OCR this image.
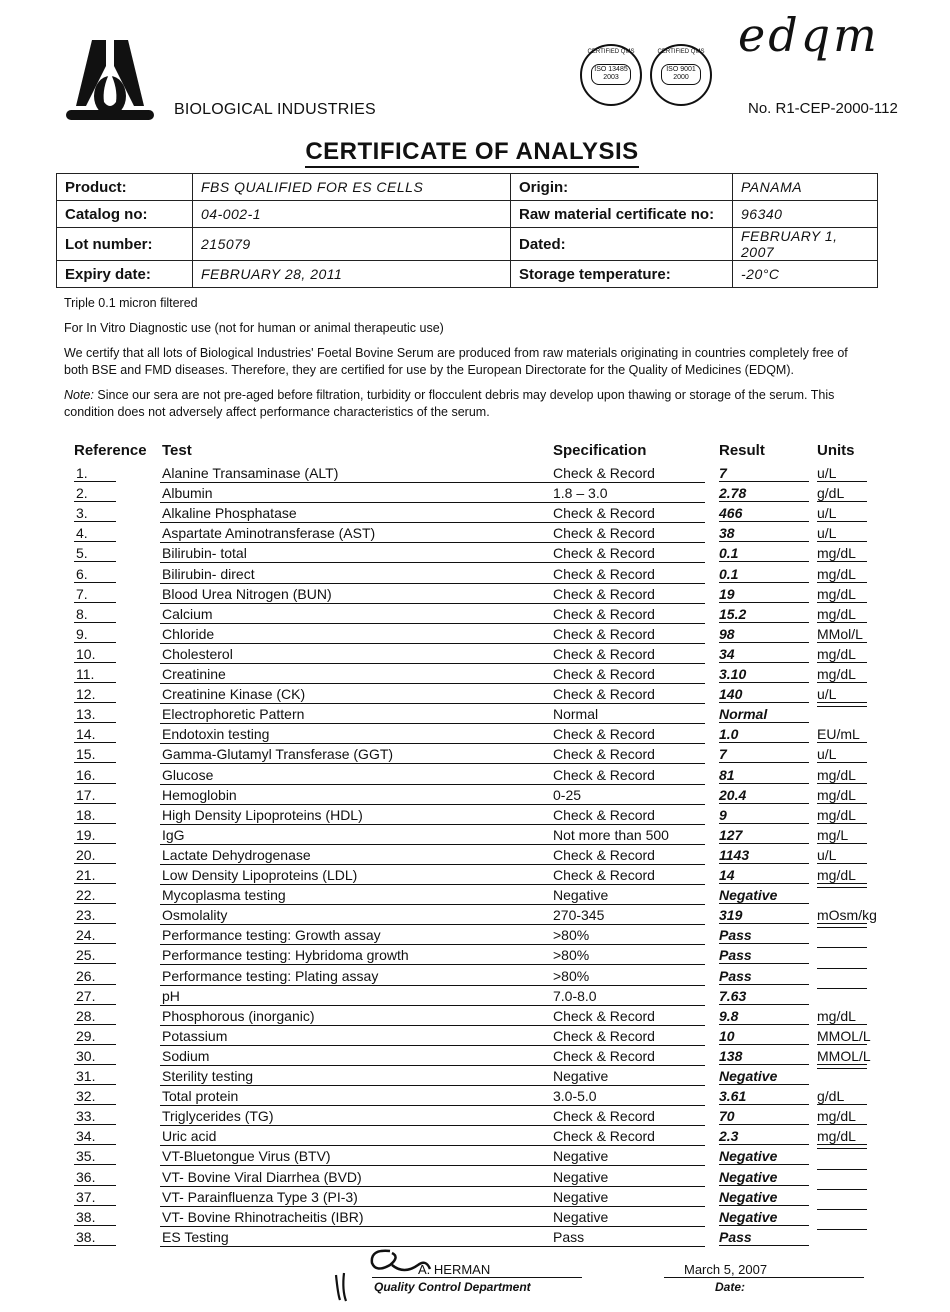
BIOLOGICAL INDUSTRIES
CERTIFIED QMS
ISO 13485
2003
CERTIFIED QMS
ISO 9001
2000
edqm
No. R1-CEP-2000-112
CERTIFICATE OF ANALYSIS
Product:	FBS QUALIFIED FOR ES CELLS	Origin:	PANAMA
Catalog no:	04-002-1	Raw material certificate no:	96340
Lot number:	215079	Dated:	FEBRUARY 1, 2007
Expiry date:	FEBRUARY 28, 2011	Storage temperature:	-20°C
Triple 0.1 micron filtered
For In Vitro Diagnostic use (not for human or animal therapeutic use)
We certify that all lots of Biological Industries' Foetal Bovine Serum are produced from raw materials originating in countries completely free of both BSE and FMD diseases. Therefore, they are certified for use by the European Directorate for the Quality of Medicines (EDQM).
Note: Since our sera are not pre-aged before filtration, turbidity or flocculent debris may develop upon thawing or storage of the serum. This condition does not adversely affect performance characteristics of the serum.
Reference Test	Specification	Result	Units
1.	Alanine Transaminase (ALT)	Check & Record	7	u/L
2.	Albumin	1.8 – 3.0	2.78	g/dL
3.	Alkaline Phosphatase	Check & Record	466	u/L
4.	Aspartate Aminotransferase (AST)	Check & Record	38	u/L
5.	Bilirubin- total	Check & Record	0.1	mg/dL
6.	Bilirubin- direct	Check & Record	0.1	mg/dL
7.	Blood Urea Nitrogen (BUN)	Check & Record	19	mg/dL
8.	Calcium	Check & Record	15.2	mg/dL
9.	Chloride	Check & Record	98	MMol/L
10.	Cholesterol	Check & Record	34	mg/dL
11.	Creatinine	Check & Record	3.10	mg/dL
12.	Creatinine Kinase (CK)	Check & Record	140	u/L
13.	Electrophoretic Pattern	Normal	Normal
14.	Endotoxin testing	Check & Record	1.0	EU/mL
15.	Gamma-Glutamyl Transferase (GGT)	Check & Record	7	u/L
16.	Glucose	Check & Record	81	mg/dL
17.	Hemoglobin	0-25	20.4	mg/dL
18.	High Density Lipoproteins (HDL)	Check & Record	9	mg/dL
19.	IgG	Not more than 500	127	mg/L
20.	Lactate Dehydrogenase	Check & Record	1143	u/L
21.	Low Density Lipoproteins (LDL)	Check & Record	14	mg/dL
22.	Mycoplasma testing	Negative	Negative
23.	Osmolality	270-345	319	mOsm/kg
24.	Performance testing: Growth assay	>80%	Pass
25.	Performance testing: Hybridoma growth	>80%	Pass
26.	Performance testing: Plating assay	>80%	Pass
27.	pH	7.0-8.0	7.63
28.	Phosphorous (inorganic)	Check & Record	9.8	mg/dL
29.	Potassium	Check & Record	10	MMOL/L
30.	Sodium	Check & Record	138	MMOL/L
31.	Sterility testing	Negative	Negative
32.	Total protein	3.0-5.0	3.61	g/dL
33.	Triglycerides (TG)	Check & Record	70	mg/dL
34.	Uric acid	Check & Record	2.3	mg/dL
35.	VT-Bluetongue Virus (BTV)	Negative	Negative
36.	VT- Bovine Viral Diarrhea (BVD)	Negative	Negative
37.	VT- Parainfluenza Type 3 (PI-3)	Negative	Negative
38.	VT- Bovine Rhinotracheitis (IBR)	Negative	Negative
38.	ES Testing	Pass	Pass
A. HERMAN
Quality Control Department
March 5, 2007
Date:
